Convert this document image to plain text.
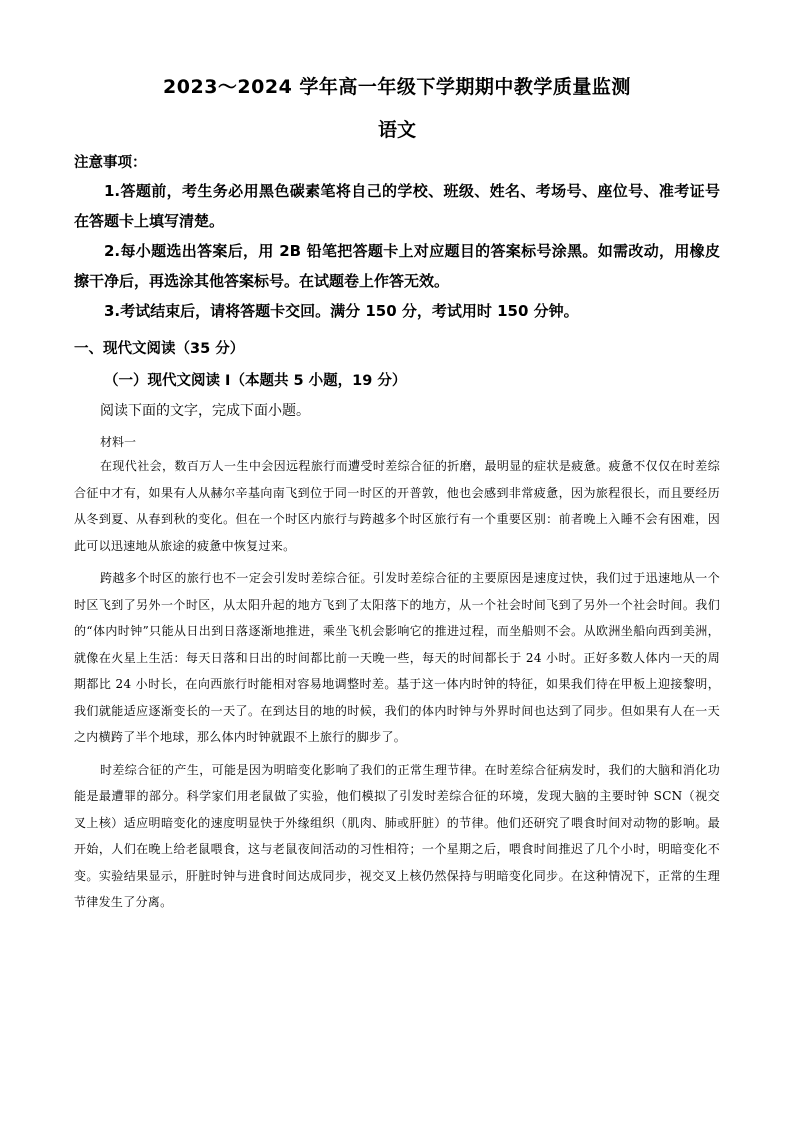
2023～2024 学年高一年级下学期期中教学质量监测
语文
注意事项：

1.答题前，考生务必用黑色碳素笔将自己的学校、班级、姓名、考场号、座位号、准考证号在答题卡上填写清楚。

2.每小题选出答案后，用 2B 铅笔把答题卡上对应题目的答案标号涂黑。如需改动，用橡皮擦干净后，再选涂其他答案标号。在试题卷上作答无效。

3.考试结束后，请将答题卡交回。满分 150 分，考试用时 150 分钟。

一、现代文阅读（35 分）
（一）现代文阅读 I（本题共 5 小题，19 分）
阅读下面的文字，完成下面小题。
材料一

在现代社会，数百万人一生中会因远程旅行而遭受时差综合征的折磨，最明显的症状是疲惫。疲惫不仅仅在时差综合征中才有，如果有人从赫尔辛基向南飞到位于同一时区的开普敦，他也会感到非常疲惫，因为旅程很长，而且要经历从冬到夏、从春到秋的变化。但在一个时区内旅行与跨越多个时区旅行有一个重要区别：前者晚上入睡不会有困难，因此可以迅速地从旅途的疲惫中恢复过来。

跨越多个时区的旅行也不一定会引发时差综合征。引发时差综合征的主要原因是速度过快，我们过于迅速地从一个时区飞到了另外一个时区，从太阳升起的地方飞到了太阳落下的地方，从一个社会时间飞到了另外一个社会时间。我们的“体内时钟”只能从日出到日落逐渐地推进，乘坐飞机会影响它的推进过程，而坐船则不会。从欧洲坐船向西到美洲，就像在火星上生活：每天日落和日出的时间都比前一天晚一些，每天的时间都长于 24 小时。正好多数人体内一天的周期都比 24 小时长，在向西旅行时能相对容易地调整时差。基于这一体内时钟的特征，如果我们待在甲板上迎接黎明，我们就能适应逐渐变长的一天了。在到达目的地的时候，我们的体内时钟与外界时间也达到了同步。但如果有人在一天之内横跨了半个地球，那么体内时钟就跟不上旅行的脚步了。

时差综合征的产生，可能是因为明暗变化影响了我们的正常生理节律。在时差综合征病发时，我们的大脑和消化功能是最遭罪的部分。科学家们用老鼠做了实验，他们模拟了引发时差综合征的环境，发现大脑的主要时钟 SCN（视交叉上核）适应明暗变化的速度明显快于外缘组织（肌肉、肺或肝脏）的节律。他们还研究了喂食时间对动物的影响。最开始，人们在晚上给老鼠喂食，这与老鼠夜间活动的习性相符；一个星期之后，喂食时间推迟了几个小时，明暗变化不变。实验结果显示，肝脏时钟与进食时间达成同步，视交叉上核仍然保持与明暗变化同步。在这种情况下，正常的生理节律发生了分离。
